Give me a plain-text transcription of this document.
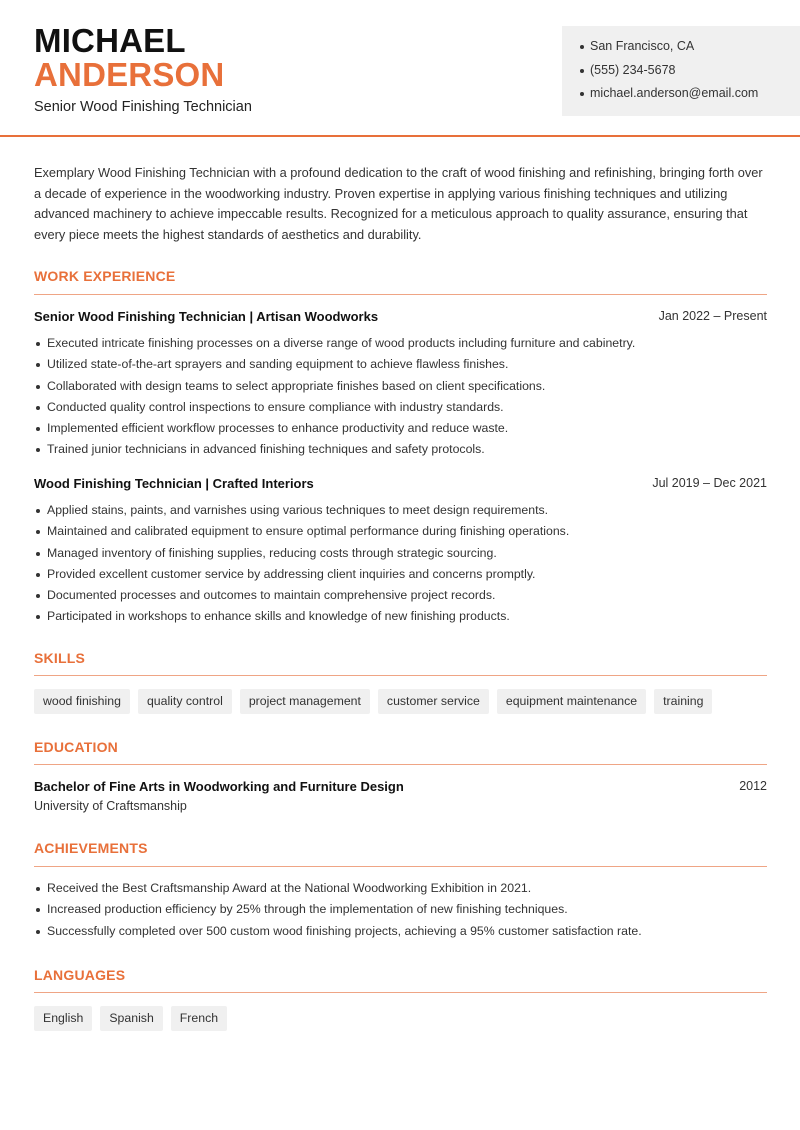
MICHAEL
ANDERSON
Senior Wood Finishing Technician
San Francisco, CA
(555) 234-5678
michael.anderson@email.com

Exemplary Wood Finishing Technician with a profound dedication to the craft of wood finishing and refinishing, bringing forth over a decade of experience in the woodworking industry. Proven expertise in applying various finishing techniques and utilizing advanced machinery to achieve impeccable results. Recognized for a meticulous approach to quality assurance, ensuring that every piece meets the highest standards of aesthetics and durability.

WORK EXPERIENCE
Senior Wood Finishing Technician | Artisan Woodworks	Jan 2022 – Present
Executed intricate finishing processes on a diverse range of wood products including furniture and cabinetry.
Utilized state-of-the-art sprayers and sanding equipment to achieve flawless finishes.
Collaborated with design teams to select appropriate finishes based on client specifications.
Conducted quality control inspections to ensure compliance with industry standards.
Implemented efficient workflow processes to enhance productivity and reduce waste.
Trained junior technicians in advanced finishing techniques and safety protocols.
Wood Finishing Technician | Crafted Interiors	Jul 2019 – Dec 2021
Applied stains, paints, and varnishes using various techniques to meet design requirements.
Maintained and calibrated equipment to ensure optimal performance during finishing operations.
Managed inventory of finishing supplies, reducing costs through strategic sourcing.
Provided excellent customer service by addressing client inquiries and concerns promptly.
Documented processes and outcomes to maintain comprehensive project records.
Participated in workshops to enhance skills and knowledge of new finishing products.
SKILLS
wood finishing	quality control	project management	customer service	equipment maintenance	training
EDUCATION
Bachelor of Fine Arts in Woodworking and Furniture Design	2012
University of Craftsmanship
ACHIEVEMENTS
Received the Best Craftsmanship Award at the National Woodworking Exhibition in 2021.
Increased production efficiency by 25% through the implementation of new finishing techniques.
Successfully completed over 500 custom wood finishing projects, achieving a 95% customer satisfaction rate.
LANGUAGES
English	Spanish	French
